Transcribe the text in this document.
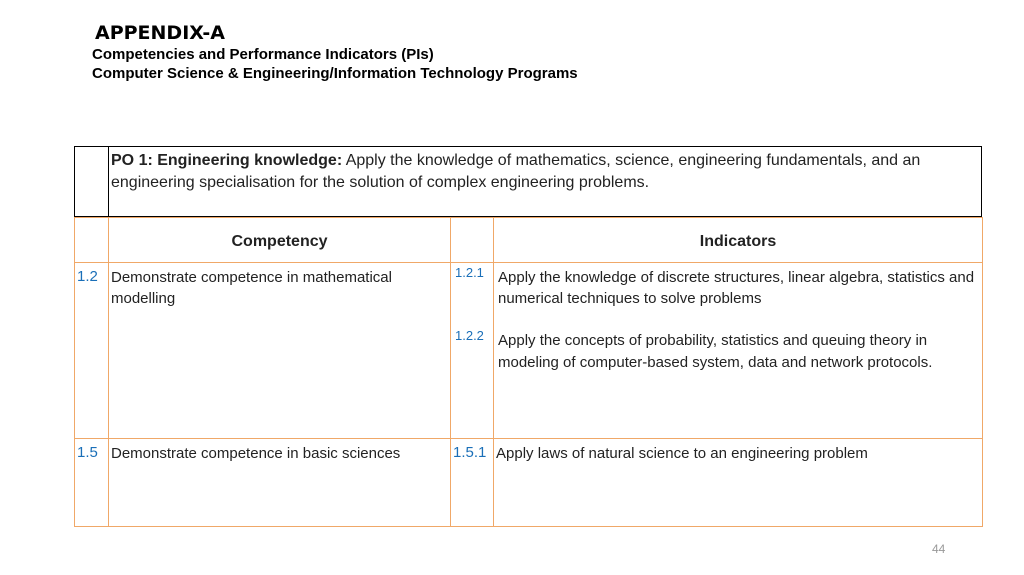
APPENDIX-A
Competencies and Performance Indicators (PIs)
Computer Science & Engineering/Information Technology Programs
PO 1: Engineering knowledge: Apply the knowledge of mathematics, science, engineering fundamentals, and an engineering specialisation for the solution of complex engineering problems.
Competency	Indicators
1.2 Demonstrate competence in mathematical modelling
1.2.1 Apply the knowledge of discrete structures, linear algebra, statistics and numerical techniques to solve problems
1.2.2 Apply the concepts of probability, statistics and queuing theory in modeling of computer-based system, data and network protocols.
1.5 Demonstrate competence in basic sciences	1.5.1 Apply laws of natural science to an engineering problem
44
